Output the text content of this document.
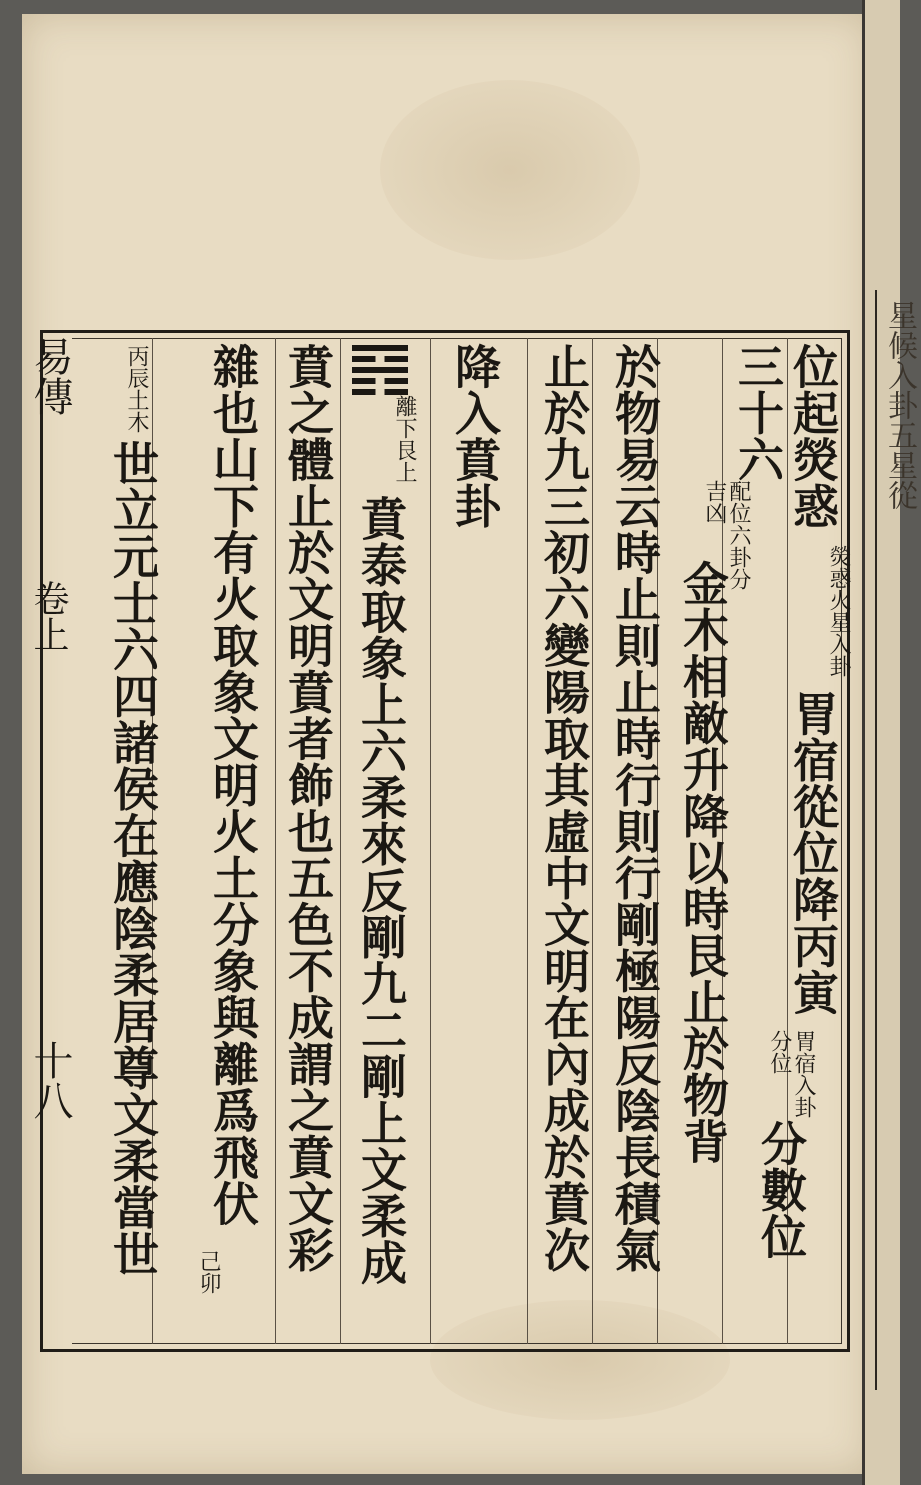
星候入卦五星從
易傳
卷上
十八
位起熒惑
熒惑火星入卦
胃宿從位降丙寅
胃宿入卦分位
分數位
三十六
配位六卦分吉凶
金木相敵升降以時艮止於物背
於物易云時止則止時行則行剛極陽反陰長積氣
止於九三初六變陽取其虛中文明在內成於賁次
降入賁卦
離下艮上
賁泰取象上六柔來反剛九二剛上文柔成
賁之體止於文明賁者飾也五色不成謂之賁文彩
雜也山下有火取象文明火土分象與離爲飛伏
己卯
丙辰土木
世立元士六四諸侯在應陰柔居尊文柔當世
